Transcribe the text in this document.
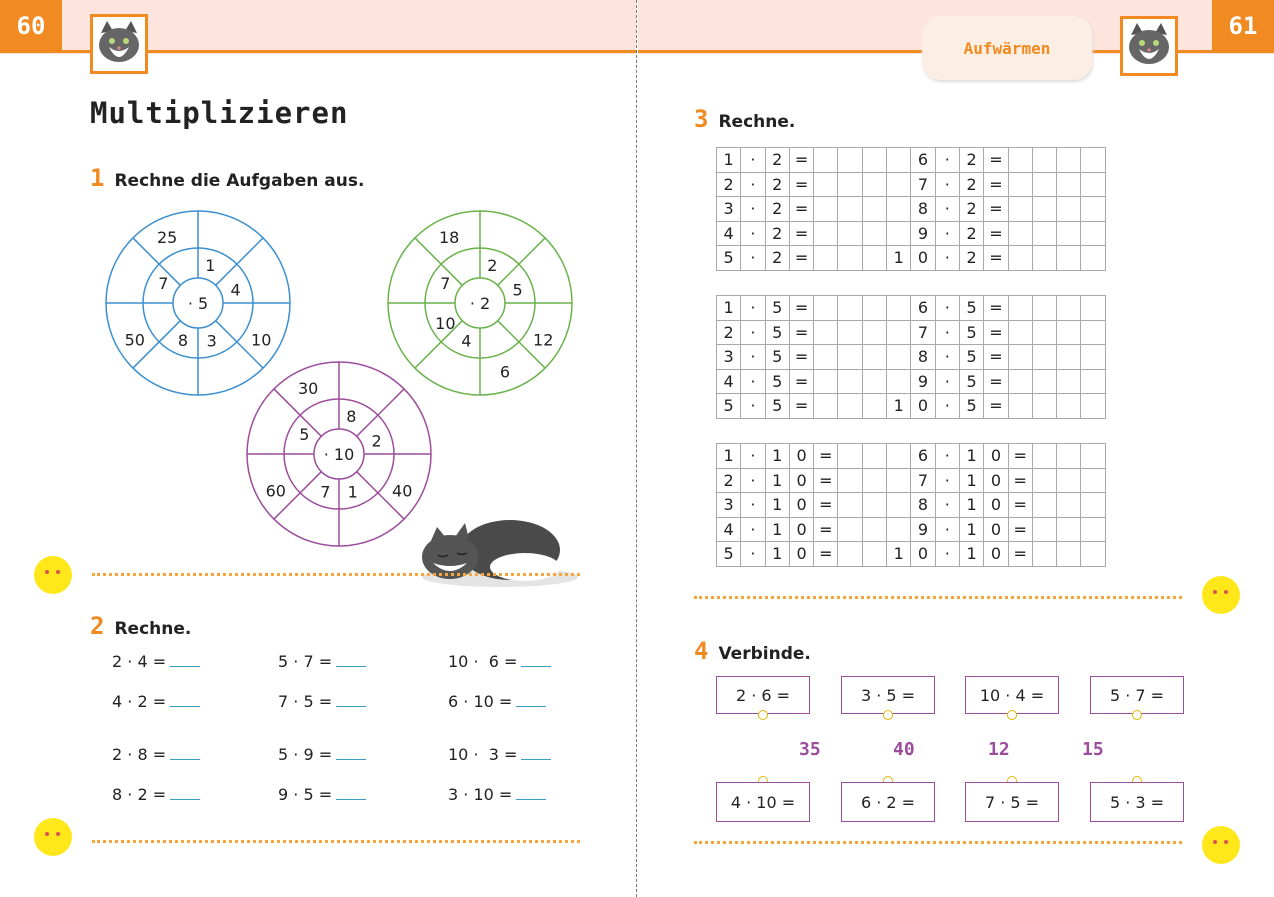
60	61
Aufwärmen
Multiplizieren
1 Rechne die Aufgaben aus.
· 5
1
4
3
8
7
25
10
50
· 2
2
5
4
10
7
18
12
6
· 10
8
2
7 1
5
30
40
60
2 Rechne.
2 · 4 =	5 · 7 =	10 ·  6 =
4 · 2 =	7 · 5 =	6 · 10 =
2 · 8 =	5 · 9 =	10 ·  3 =
8 · 2 =	9 · 5 =	3 · 10 =
3 Rechne.
1	·	2	=					6	·	2	=				
2	·	2	=					7	·	2	=				
3	·	2	=					8	·	2	=				
4	·	2	=					9	·	2	=				
5	·	2	=				1	0	·	2	=				
1	·	5	=					6	·	5	=				
2	·	5	=					7	·	5	=				
3	·	5	=					8	·	5	=				
4	·	5	=					9	·	5	=				
5	·	5	=				1	0	·	5	=				
1	·	1	0	=				6	·	1	0	=			
2	·	1	0	=				7	·	1	0	=			
3	·	1	0	=				8	·	1	0	=			
4	·	1	0	=				9	·	1	0	=			
5	·	1	0	=			1	0	·	1	0	=			
4 Verbinde.
2 · 6 =	3 · 5 =	10 · 4 =	5 · 7 =
35	40	12	15
4 · 10 =	6 · 2 =	7 · 5 =	5 · 3 =
